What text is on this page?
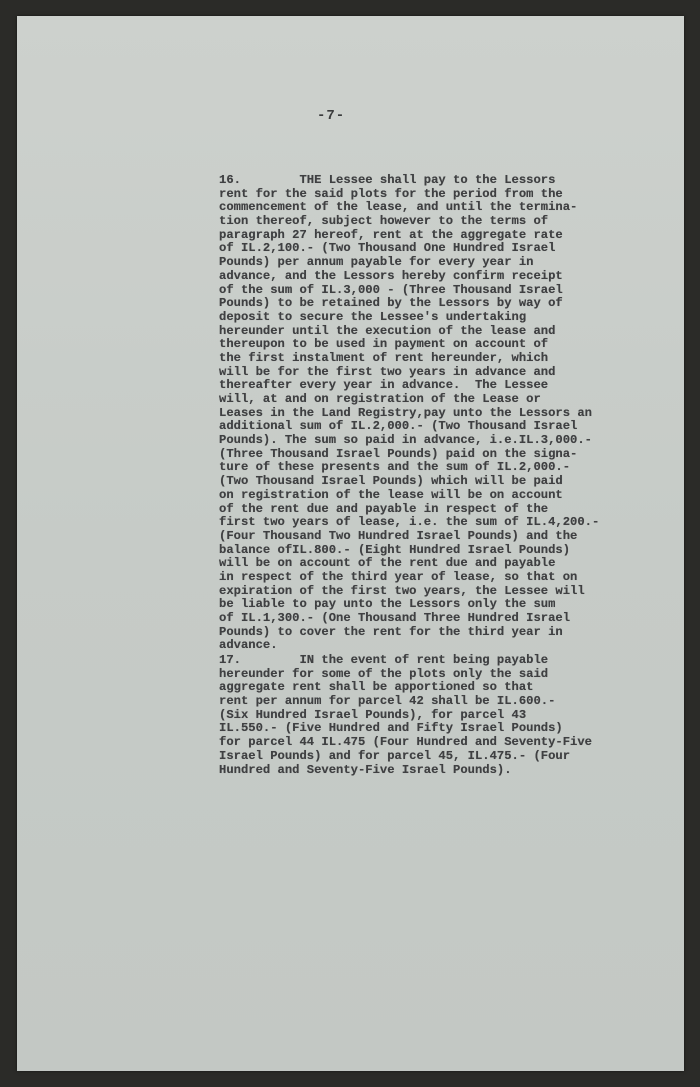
-7-
16.        THE Lessee shall pay to the Lessors
rent for the said plots for the period from the
commencement of the lease, and until the termina-
tion thereof, subject however to the terms of
paragraph 27 hereof, rent at the aggregate rate
of IL.2,100.- (Two Thousand One Hundred Israel
Pounds) per annum payable for every year in
advance, and the Lessors hereby confirm receipt
of the sum of IL.3,000 - (Three Thousand Israel
Pounds) to be retained by the Lessors by way of
deposit to secure the Lessee's undertaking
hereunder until the execution of the lease and
thereupon to be used in payment on account of
the first instalment of rent hereunder, which
will be for the first two years in advance and
thereafter every year in advance.  The Lessee
will, at and on registration of the Lease or
Leases in the Land Registry,pay unto the Lessors an
additional sum of IL.2,000.- (Two Thousand Israel
Pounds). The sum so paid in advance, i.e.IL.3,000.-
(Three Thousand Israel Pounds) paid on the signa-
ture of these presents and the sum of IL.2,000.-
(Two Thousand Israel Pounds) which will be paid
on registration of the lease will be on account
of the rent due and payable in respect of the
first two years of lease, i.e. the sum of IL.4,200.-
(Four Thousand Two Hundred Israel Pounds) and the
balance ofIL.800.- (Eight Hundred Israel Pounds)
will be on account of the rent due and payable
in respect of the third year of lease, so that on
expiration of the first two years, the Lessee will
be liable to pay unto the Lessors only the sum
of IL.1,300.- (One Thousand Three Hundred Israel
Pounds) to cover the rent for the third year in
advance.
17.        IN the event of rent being payable
hereunder for some of the plots only the said
aggregate rent shall be apportioned so that
rent per annum for parcel 42 shall be IL.600.-
(Six Hundred Israel Pounds), for parcel 43
IL.550.- (Five Hundred and Fifty Israel Pounds)
for parcel 44 IL.475 (Four Hundred and Seventy-Five
Israel Pounds) and for parcel 45, IL.475.- (Four
Hundred and Seventy-Five Israel Pounds).
